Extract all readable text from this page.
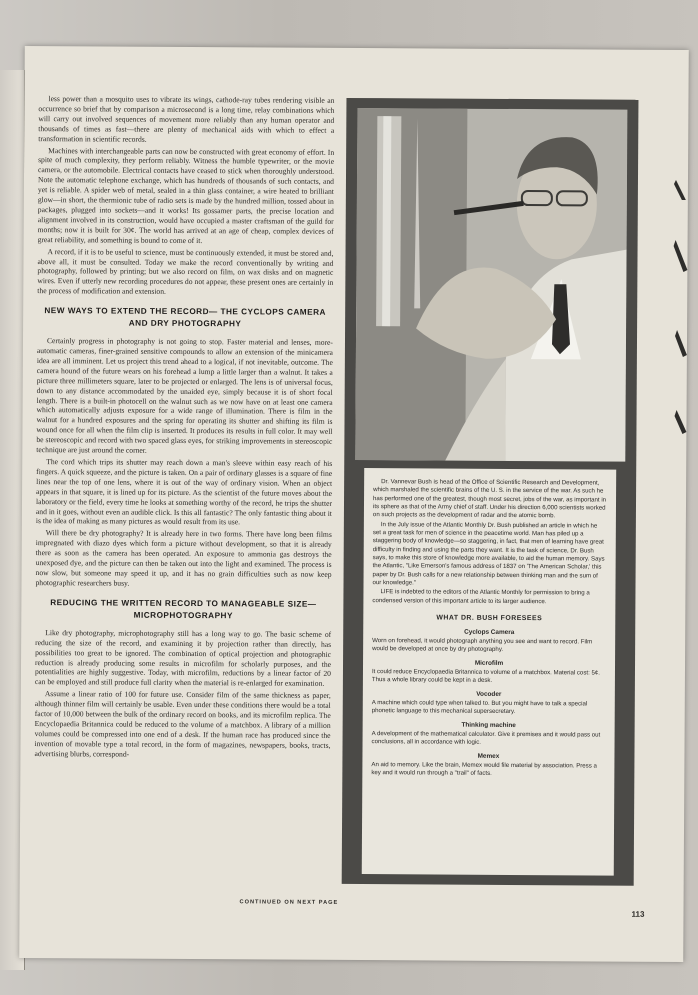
less power than a mosquito uses to vibrate its wings, cathode-ray tubes rendering visible an occurrence so brief that by comparison a microsecond is a long time, relay combinations which will carry out involved sequences of movement more reliably than any human operator and thousands of times as fast—there are plenty of mechanical aids with which to effect a transformation in scientific records.

Machines with interchangeable parts can now be constructed with great economy of effort. In spite of much complexity, they perform reliably. Witness the humble typewriter, or the movie camera, or the automobile. Electrical contacts have ceased to stick when thoroughly understood. Note the automatic telephone exchange, which has hundreds of thousands of such contacts, and yet is reliable. A spider web of metal, sealed in a thin glass container, a wire heated to brilliant glow—in short, the thermionic tube of radio sets is made by the hundred million, tossed about in packages, plugged into sockets—and it works! Its gossamer parts, the precise location and alignment involved in its construction, would have occupied a master craftsman of the guild for months; now it is built for 30¢. The world has arrived at an age of cheap, complex devices of great reliability, and something is bound to come of it.

A record, if it is to be useful to science, must be continuously extended, it must be stored and, above all, it must be consulted. Today we make the record conventionally by writing and photography, followed by printing; but we also record on film, on wax disks and on magnetic wires. Even if utterly new recording procedures do not appear, these present ones are certainly in the process of modification and extension.

NEW WAYS TO EXTEND THE RECORD— THE CYCLOPS CAMERA AND DRY PHOTOGRAPHY

Certainly progress in photography is not going to stop. Faster material and lenses, more-automatic cameras, finer-grained sensitive compounds to allow an extension of the minicamera idea are all imminent. Let us project this trend ahead to a logical, if not inevitable, outcome. The camera hound of the future wears on his forehead a lump a little larger than a walnut. It takes a picture three millimeters square, later to be projected or enlarged. The lens is of universal focus, down to any distance accommodated by the unaided eye, simply because it is of short focal length. There is a built-in photocell on the walnut such as we now have on at least one camera which automatically adjusts exposure for a wide range of illumination. There is film in the walnut for a hundred exposures and the spring for operating its shutter and shifting its film is wound once for all when the film clip is inserted. It produces its results in full color. It may well be stereoscopic and record with two spaced glass eyes, for striking improvements in stereoscopic technique are just around the corner.

The cord which trips its shutter may reach down a man's sleeve within easy reach of his fingers. A quick squeeze, and the picture is taken. On a pair of ordinary glasses is a square of fine lines near the top of one lens, where it is out of the way of ordinary vision. When an object appears in that square, it is lined up for its picture. As the scientist of the future moves about the laboratory or the field, every time he looks at something worthy of the record, he trips the shutter and in it goes, without even an audible click. Is this all fantastic? The only fantastic thing about it is the idea of making as many pictures as would result from its use.

Will there be dry photography? It is already here in two forms. There have long been films impregnated with diazo dyes which form a picture without development, so that it is already there as soon as the camera has been operated. An exposure to ammonia gas destroys the unexposed dye, and the picture can then be taken out into the light and examined. The process is now slow, but someone may speed it up, and it has no grain difficulties such as now keep photographic researchers busy.

REDUCING THE WRITTEN RECORD TO MANAGEABLE SIZE—MICROPHOTOGRAPHY

Like dry photography, microphotography still has a long way to go. The basic scheme of reducing the size of the record, and examining it by projection rather than directly, has possibilities too great to be ignored. The combination of optical projection and photographic reduction is already producing some results in microfilm for scholarly purposes, and the potentialities are highly suggestive. Today, with microfilm, reductions by a linear factor of 20 can be employed and still produce full clarity when the material is re-enlarged for examination.

Assume a linear ratio of 100 for future use. Consider film of the same thickness as paper, although thinner film will certainly be usable. Even under these conditions there would be a total factor of 10,000 between the bulk of the ordinary record on books, and its microfilm replica. The Encyclopaedia Britannica could be reduced to the volume of a matchbox. A library of a million volumes could be compressed into one end of a desk. If the human race has produced since the invention of movable type a total record, in the form of magazines, newspapers, books, tracts, advertising blurbs, correspond-

CONTINUED ON NEXT PAGE
113

Dr. Vannevar Bush is head of the Office of Scientific Research and Development, which marshaled the scientific brains of the U. S. in the service of the war. As such he has performed one of the greatest, though most secret, jobs of the war, as important in its sphere as that of the Army chief of staff. Under his direction 6,000 scientists worked on such projects as the development of radar and the atomic bomb.

In the July issue of the Atlantic Monthly Dr. Bush published an article in which he set a great task for men of science in the peacetime world. Man has piled up a staggering body of knowledge—so staggering, in fact, that men of learning have great difficulty in finding and using the parts they want. It is the task of science, Dr. Bush says, to make this store of knowledge more available, to aid the human memory. Says the Atlantic, "Like Emerson's famous address of 1837 on 'The American Scholar,' this paper by Dr. Bush calls for a new relationship between thinking man and the sum of our knowledge."

LIFE is indebted to the editors of the Atlantic Monthly for permission to bring a condensed version of this important article to its larger audience.

WHAT DR. BUSH FORESEES
Cyclops Camera

Worn on forehead, it would photograph anything you see and want to record. Film would be developed at once by dry photography.

Microfilm

It could reduce Encyclopaedia Britannica to volume of a matchbox. Material cost: 5¢. Thus a whole library could be kept in a desk.

Vocoder

A machine which could type when talked to. But you might have to talk a special phonetic language to this mechanical supersecretary.

Thinking machine

A development of the mathematical calculator. Give it premises and it would pass out conclusions, all in accordance with logic.

Memex

An aid to memory. Like the brain, Memex would file material by association. Press a key and it would run through a "trail" of facts.
